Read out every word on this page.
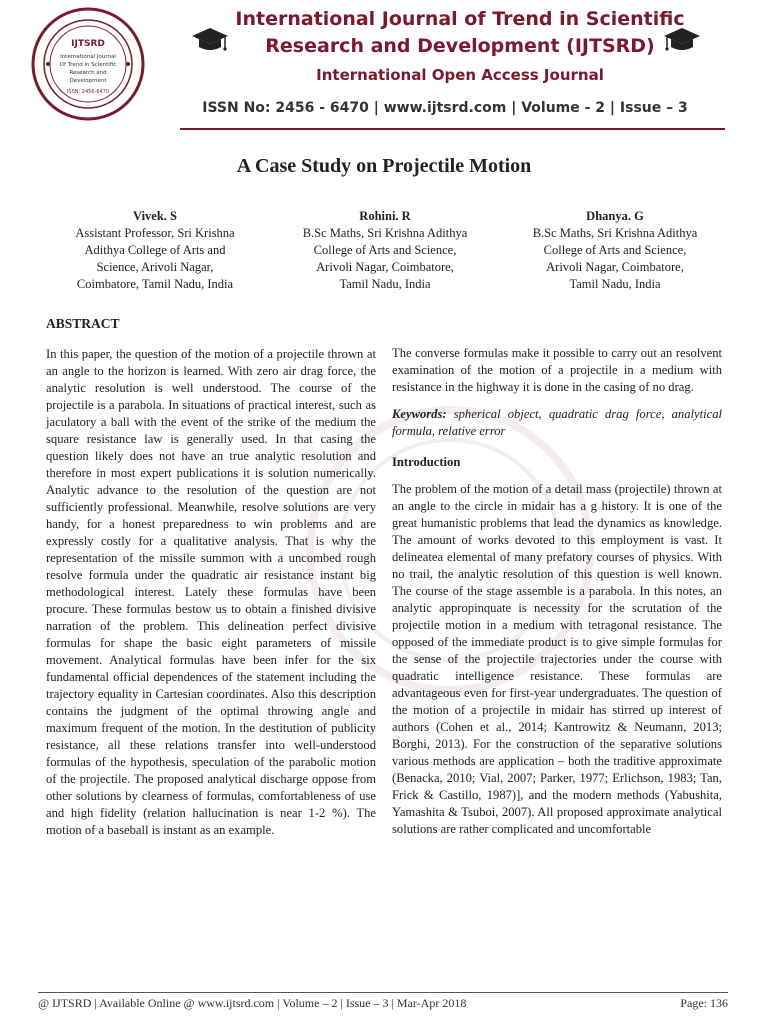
IJTSRD
International Journal
Of Trend in Scientific
Research and
Development
ISSN: 2456-6470
International Journal of Trend in Scientific
Research and Development (IJTSRD)
International Open Access Journal
ISSN No: 2456 - 6470 | www.ijtsrd.com | Volume - 2 | Issue – 3
A Case Study on Projectile Motion
Vivek. S
Assistant Professor, Sri Krishna
Adithya College of Arts and
Science, Arivoli Nagar,
Coimbatore, Tamil Nadu, India
Rohini. R
B.Sc Maths, Sri Krishna Adithya
College of Arts and Science,
Arivoli Nagar, Coimbatore,
Tamil Nadu, India
Dhanya. G
B.Sc Maths, Sri Krishna Adithya
College of Arts and Science,
Arivoli Nagar, Coimbatore,
Tamil Nadu, India
ABSTRACT

In this paper, the question of the motion of a projectile thrown at an angle to the horizon is learned. With zero air drag force, the analytic resolution is well understood. The course of the projectile is a parabola. In situations of practical interest, such as jaculatory a ball with the event of the strike of the medium the square resistance law is generally used. In that casing the question likely does not have an true analytic resolution and therefore in most expert publications it is solution numerically. Analytic advance to the resolution of the question are not sufficiently professional. Meanwhile, resolve solutions are very handy, for a honest preparedness to win problems and are expressly costly for a qualitative analysis. That is why the representation of the missile summon with a uncombed rough resolve formula under the quadratic air resistance instant big methodological interest. Lately these formulas have been procure. These formulas bestow us to obtain a finished divisive narration of the problem. This delineation perfect divisive formulas for shape the basic eight parameters of missile movement. Analytical formulas have been infer for the six fundamental official dependences of the statement including the trajectory equality in Cartesian coordinates. Also this description contains the judgment of the optimal throwing angle and maximum frequent of the motion. In the destitution of publicity resistance, all these relations transfer into well-understood formulas of the hypothesis, speculation of the parabolic motion of the projectile. The proposed analytical discharge oppose from other solutions by clearness of formulas, comfortableness of use and high fidelity (relation hallucination is near 1-2 %). The motion of a baseball is instant as an example.

The converse formulas make it possible to carry out an resolvent examination of the motion of a projectile in a medium with resistance in the highway it is done in the casing of no drag.

Keywords: spherical object, quadratic drag force, analytical formula, relative error

Introduction

The problem of the motion of a detail mass (projectile) thrown at an angle to the circle in midair has a g history. It is one of the great humanistic problems that lead the dynamics as knowledge. The amount of works devoted to this employment is vast. It delineatea elemental of many prefatory courses of physics. With no trail, the analytic resolution of this question is well known. The course of the stage assemble is a parabola. In this notes, an analytic appropinquate is necessity for the scrutation of the projectile motion in a medium with tetragonal resistance. The opposed of the immediate product is to give simple formulas for the sense of the projectile trajectories under the course with quadratic intelligence resistance. These formulas are advantageous even for first-year undergraduates. The question of the motion of a projectile in midair has stirred up interest of authors (Cohen et al., 2014; Kantrowitz & Neumann, 2013; Borghi, 2013). For the construction of the separative solutions various methods are application – both the traditive approximate (Benacka, 2010; Vial, 2007; Parker, 1977; Erlichson, 1983; Tan, Frick & Castillo, 1987)], and the modern methods (Yabushita, Yamashita & Tsuboi, 2007). All proposed approximate analytical solutions are rather complicated and uncomfortable

@ IJTSRD | Available Online @ www.ijtsrd.com | Volume – 2 | Issue – 3 | Mar-Apr 2018	Page: 136
